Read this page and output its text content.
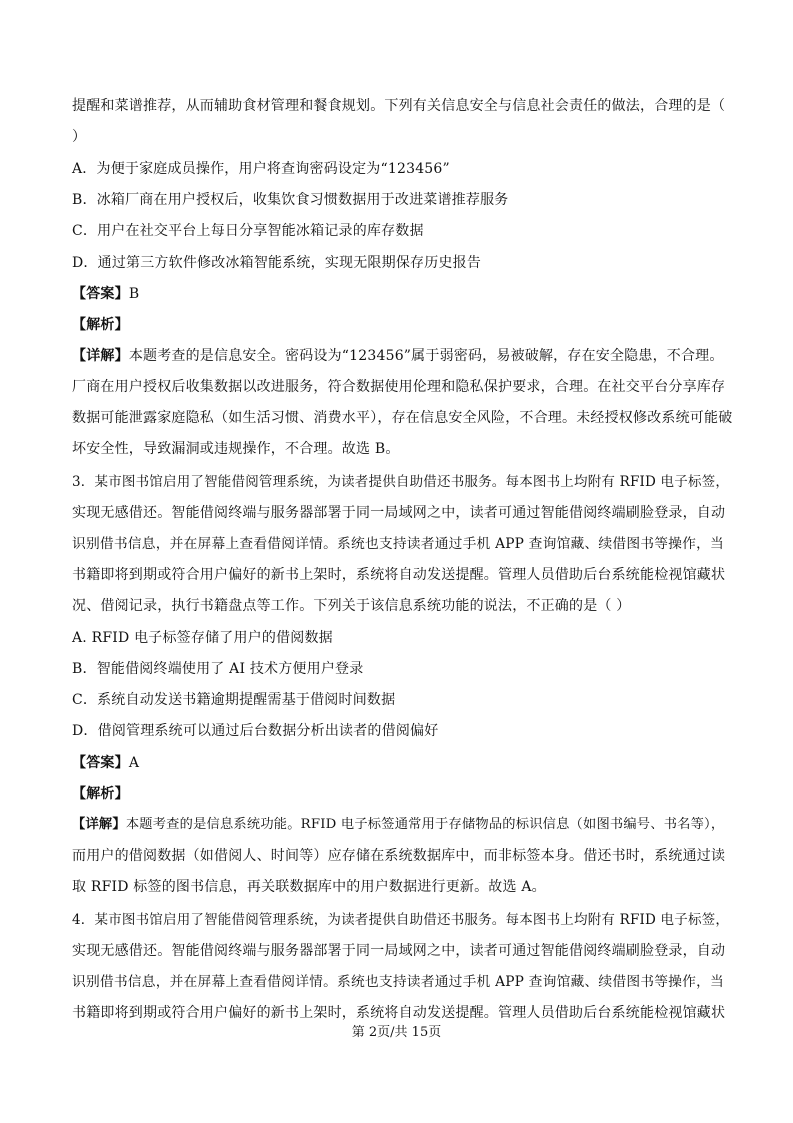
提醒和菜谱推荐，从而辅助食材管理和餐食规划。下列有关信息安全与信息社会责任的做法，合理的是（
）
A．为便于家庭成员操作，用户将查询密码设定为“123456”
B．冰箱厂商在用户授权后，收集饮食习惯数据用于改进菜谱推荐服务
C．用户在社交平台上每日分享智能冰箱记录的库存数据
D．通过第三方软件修改冰箱智能系统，实现无限期保存历史报告
【答案】B
【解析】
【详解】本题考查的是信息安全。密码设为“123456”属于弱密码，易被破解，存在安全隐患，不合理。
厂商在用户授权后收集数据以改进服务，符合数据使用伦理和隐私保护要求，合理。在社交平台分享库存
数据可能泄露家庭隐私（如生活习惯、消费水平），存在信息安全风险，不合理。未经授权修改系统可能破
坏安全性，导致漏洞或违规操作，不合理。故选 B。
3．某市图书馆启用了智能借阅管理系统，为读者提供自助借还书服务。每本图书上均附有 RFID 电子标签，
实现无感借还。智能借阅终端与服务器部署于同一局域网之中，读者可通过智能借阅终端刷脸登录，自动
识别借书信息，并在屏幕上查看借阅详情。系统也支持读者通过手机 APP 查询馆藏、续借图书等操作，当
书籍即将到期或符合用户偏好的新书上架时，系统将自动发送提醒。管理人员借助后台系统能检视馆藏状
况、借阅记录，执行书籍盘点等工作。下列关于该信息系统功能的说法，不正确的是（ ）
A. RFID 电子标签存储了用户的借阅数据
B．智能借阅终端使用了 AI 技术方便用户登录
C．系统自动发送书籍逾期提醒需基于借阅时间数据
D．借阅管理系统可以通过后台数据分析出读者的借阅偏好
【答案】A
【解析】
【详解】本题考查的是信息系统功能。RFID 电子标签通常用于存储物品的标识信息（如图书编号、书名等），
而用户的借阅数据（如借阅人、时间等）应存储在系统数据库中，而非标签本身。借还书时，系统通过读
取 RFID 标签的图书信息，再关联数据库中的用户数据进行更新。故选 A。
4．某市图书馆启用了智能借阅管理系统，为读者提供自助借还书服务。每本图书上均附有 RFID 电子标签，
实现无感借还。智能借阅终端与服务器部署于同一局域网之中，读者可通过智能借阅终端刷脸登录，自动
识别借书信息，并在屏幕上查看借阅详情。系统也支持读者通过手机 APP 查询馆藏、续借图书等操作，当
书籍即将到期或符合用户偏好的新书上架时，系统将自动发送提醒。管理人员借助后台系统能检视馆藏状
第 2页/共 15页
